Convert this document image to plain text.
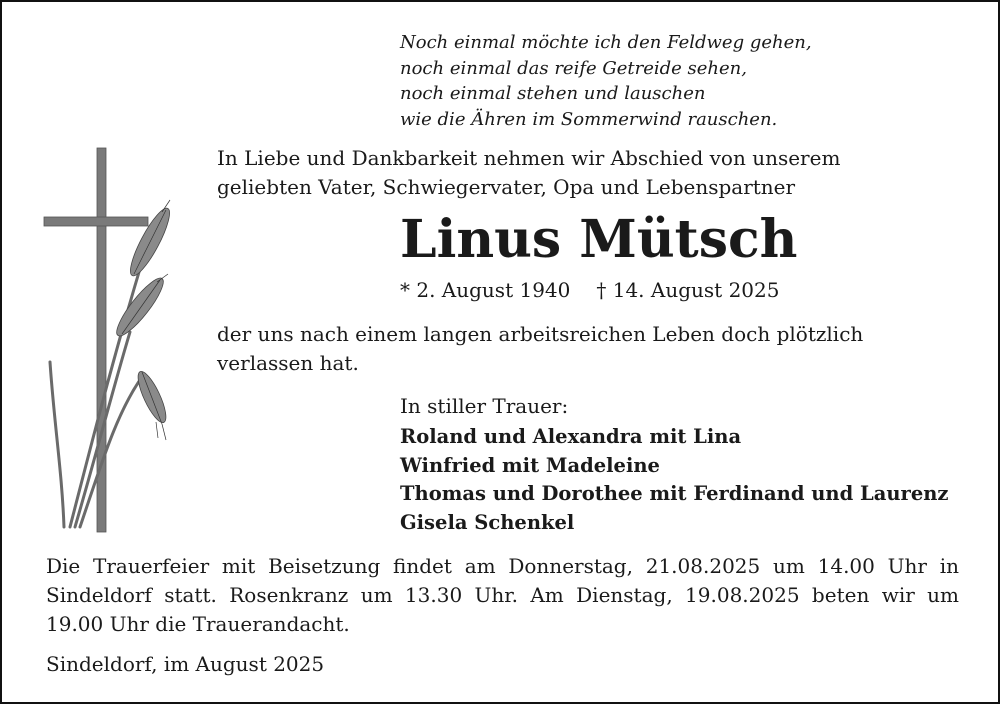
Noch einmal möchte ich den Feldweg gehen,
noch einmal das reife Getreide sehen,
noch einmal stehen und lauschen
wie die Ähren im Sommerwind rauschen.
In Liebe und Dankbarkeit nehmen wir Abschied von unserem
geliebten Vater, Schwiegervater, Opa und Lebenspartner
Linus Mütsch
* 2. August 1940 † 14. August 2025
der uns nach einem langen arbeitsreichen Leben doch plötzlich
verlassen hat.
In stiller Trauer:
Roland und Alexandra mit Lina
Winfried mit Madeleine
Thomas und Dorothee mit Ferdinand und Laurenz
Gisela Schenkel
Die Trauerfeier mit Beisetzung findet am Donnerstag, 21.08.2025 um 14.00 Uhr in
Sindeldorf statt. Rosenkranz um 13.30 Uhr. Am Dienstag, 19.08.2025 beten wir um
19.00 Uhr die Trauerandacht.
Sindeldorf, im August 2025
